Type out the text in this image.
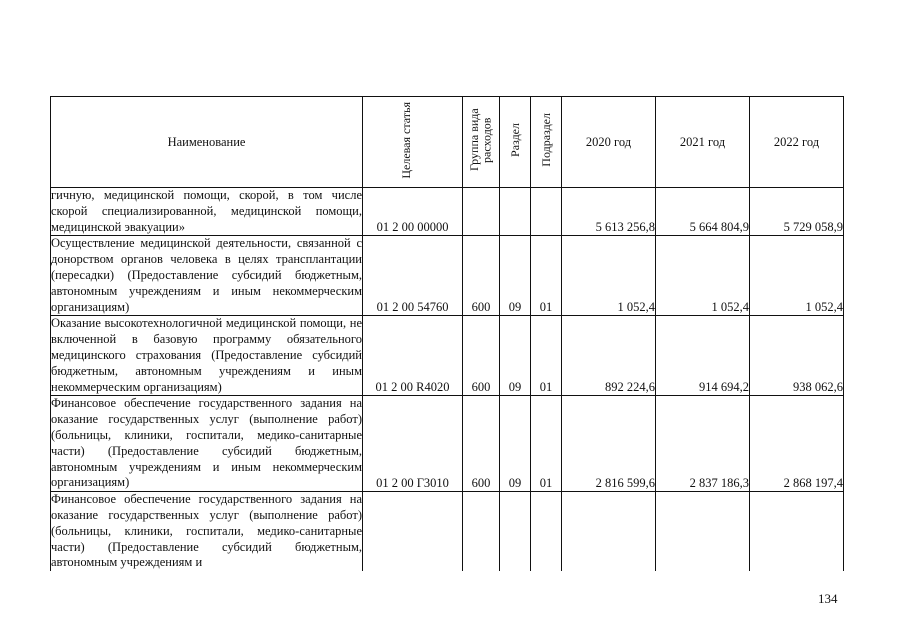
Наименование	Целевая статья	Группа вида расходов	Раздел	Подраздел	2020 год	2021 год	2022 год
гичную, медицинской помощи, скорой, в том числе скорой специализированной, медицинской помощи, медицинской эвакуации»	01 2 00 00000				5 613 256,8	5 664 804,9	5 729 058,9
Осуществление медицинской деятельности, связанной с донорством органов человека в целях трансплантации (пересадки) (Предоставление субсидий бюджетным, автономным учреждениям и иным некоммерческим организациям)	01 2 00 54760	600	09	01	1 052,4	1 052,4	1 052,4
Оказание высокотехнологичной медицинской помощи, не включенной в базовую программу обязательного медицинского страхования (Предоставление субсидий бюджетным, автономным учреждениям и иным некоммерческим организациям)	01 2 00 R4020	600	09	01	892 224,6	914 694,2	938 062,6
Финансовое обеспечение государственного задания на оказание государственных услуг (выполнение работ) (больницы, клиники, госпитали, медико-санитарные части) (Предоставление субсидий бюджетным, автономным учреждениям и иным некоммерческим организациям)	01 2 00 Г3010	600	09	01	2 816 599,6	2 837 186,3	2 868 197,4
Финансовое обеспечение государственного задания на оказание государственных услуг (выполнение работ) (больницы, клиники, госпитали, медико-санитарные части) (Предоставление субсидий бюджетным, автономным учреждениям и							
134
